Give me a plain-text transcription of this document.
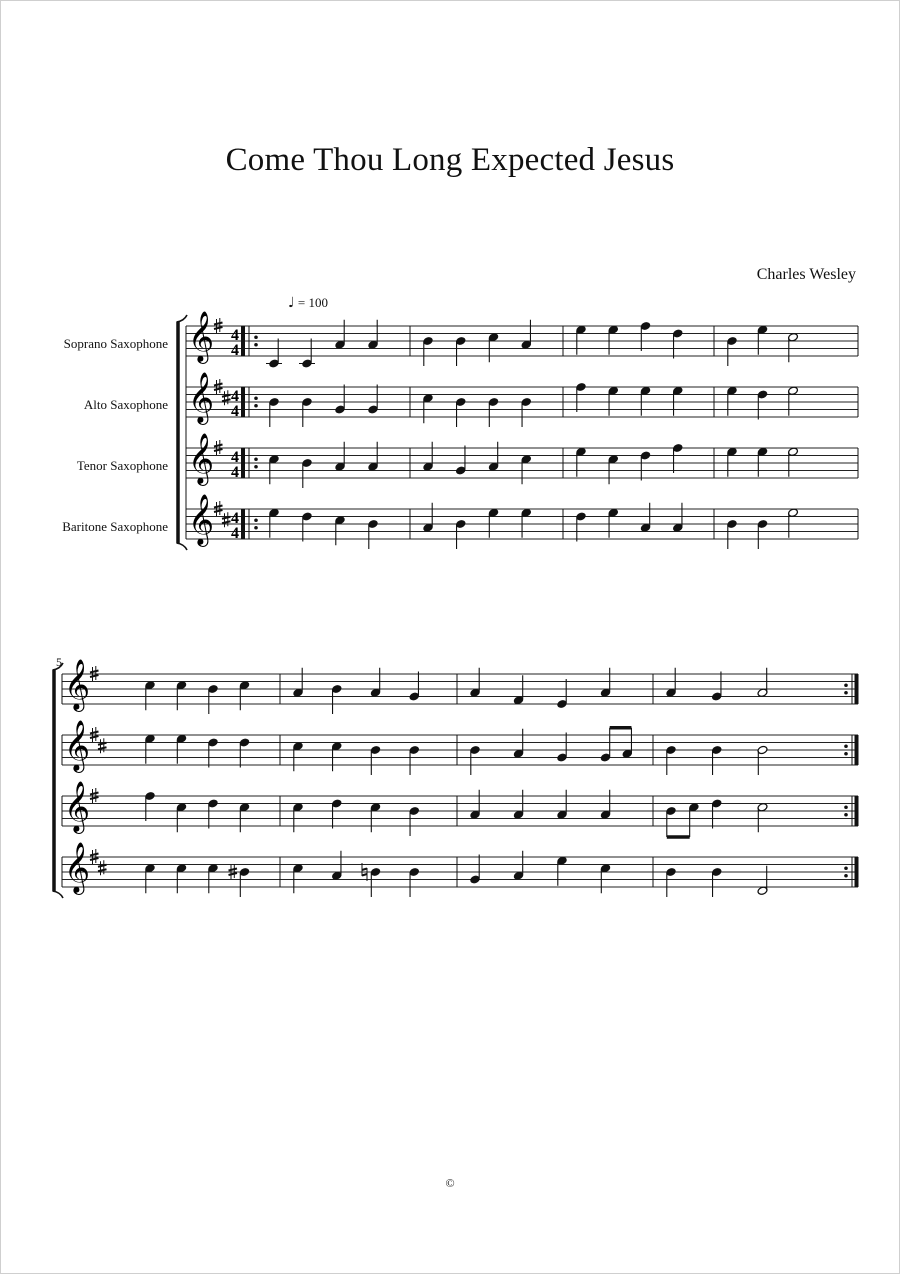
Come Thou Long Expected Jesus
Charles Wesley
♩ = 100
Soprano Saxophone
Alto Saxophone
Tenor Saxophone
Baritone Saxophone
5
𝄞 4
4
𝄞 4
4
𝄞 4
4
𝄞 4
4
𝄞
𝄞
𝄞
𝄞
©
